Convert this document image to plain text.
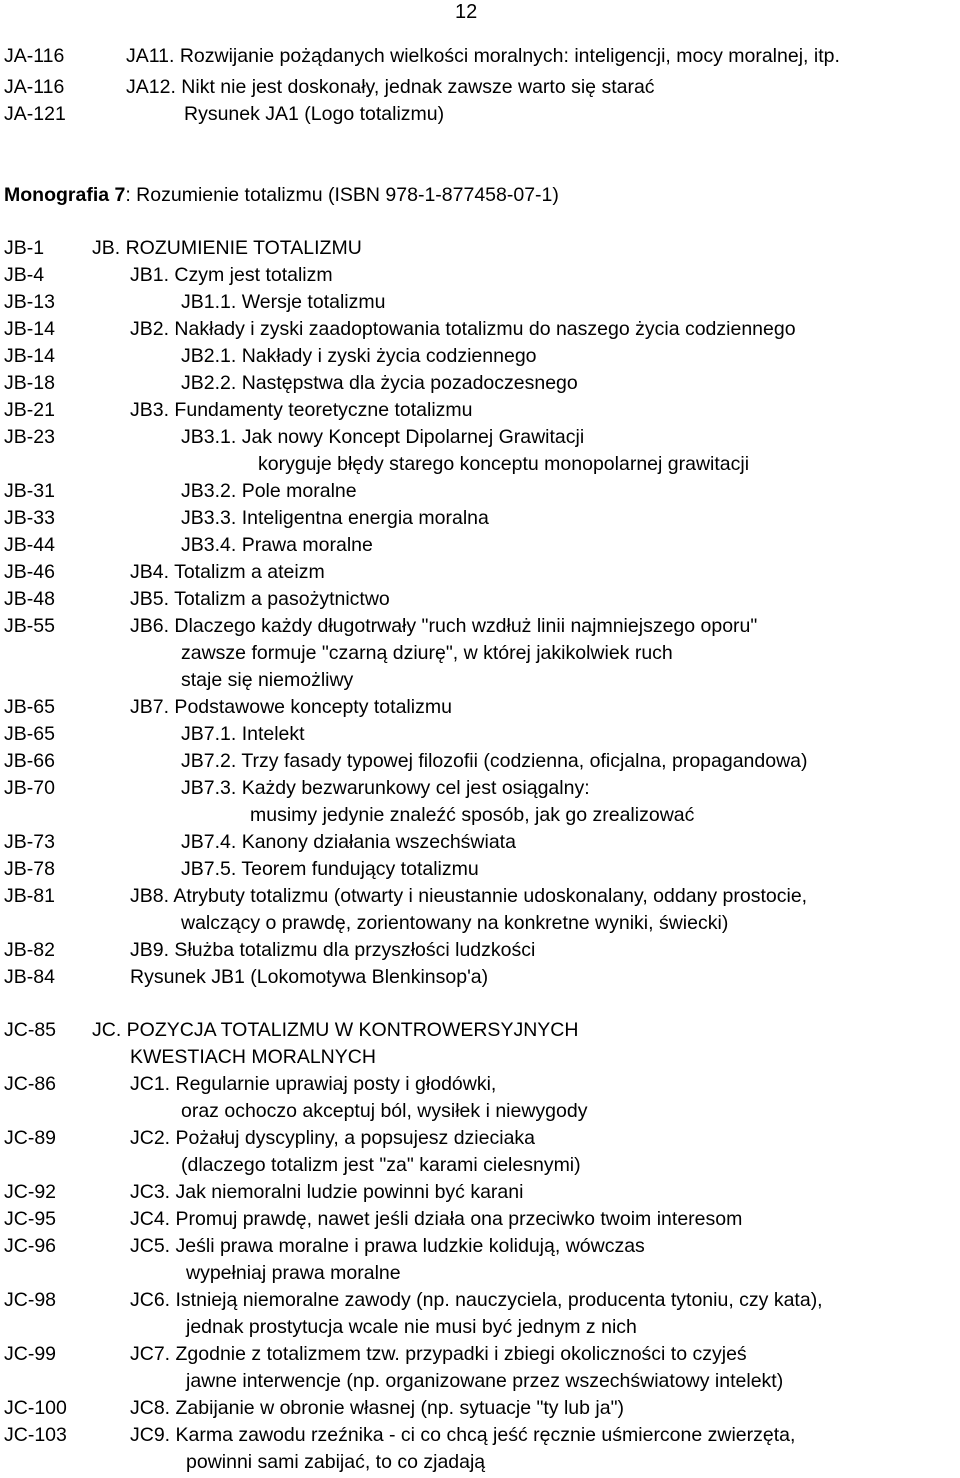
12
JA-116
JA-116
JA-121
JA11. Rozwijanie pożądanych wielkości moralnych: inteligencji, mocy moralnej, itp.
JA12. Nikt nie jest doskonały, jednak zawsze warto się starać
Rysunek JA1 (Logo totalizmu)
Monografia 7: Rozumienie totalizmu (ISBN 978-1-877458-07-1)
JB-1
JB-4
JB-13
JB-14
JB-14
JB-18
JB-21
JB-23
JB-31
JB-33
JB-44
JB-46
JB-48
JB-55
JB-65
JB-65
JB-66
JB-70
JB-73
JB-78
JB-81
JB-82
JB-84
JB. ROZUMIENIE TOTALIZMU
JB1. Czym jest totalizm
JB1.1. Wersje totalizmu
JB2. Nakłady i zyski zaadoptowania totalizmu do naszego życia codziennego
JB2.1. Nakłady i zyski życia codziennego
JB2.2. Następstwa dla życia pozadoczesnego
JB3. Fundamenty teoretyczne totalizmu
JB3.1. Jak nowy Koncept Dipolarnej Grawitacji
koryguje błędy starego konceptu monopolarnej grawitacji
JB3.2. Pole moralne
JB3.3. Inteligentna energia moralna
JB3.4. Prawa moralne
JB4. Totalizm a ateizm
JB5. Totalizm a pasożytnictwo
JB6. Dlaczego każdy długotrwały "ruch wzdłuż linii najmniejszego oporu"
zawsze formuje "czarną dziurę", w której jakikolwiek ruch
staje się niemożliwy
JB7. Podstawowe koncepty totalizmu
JB7.1. Intelekt
JB7.2. Trzy fasady typowej filozofii (codzienna, oficjalna, propagandowa)
JB7.3. Każdy bezwarunkowy cel jest osiągalny:
musimy jedynie znaleźć sposób, jak go zrealizować
JB7.4. Kanony działania wszechświata
JB7.5. Teorem fundujący totalizmu
JB8. Atrybuty totalizmu (otwarty i nieustannie udoskonalany, oddany prostocie,
walczący o prawdę, zorientowany na konkretne wyniki, świecki)
JB9. Służba totalizmu dla przyszłości ludzkości
Rysunek JB1 (Lokomotywa Blenkinsop'a)
JC-85
JC-86
JC-89
JC-92
JC-95
JC-96
JC-98
JC-99
JC-100
JC-103
JC. POZYCJA TOTALIZMU W KONTROWERSYJNYCH
KWESTIACH MORALNYCH
JC1. Regularnie uprawiaj posty i głodówki,
oraz ochoczo akceptuj ból, wysiłek i niewygody
JC2. Pożałuj dyscypliny, a popsujesz dzieciaka
(dlaczego totalizm jest "za" karami cielesnymi)
JC3. Jak niemoralni ludzie powinni być karani
JC4. Promuj prawdę, nawet jeśli działa ona przeciwko twoim interesom
JC5. Jeśli prawa moralne i prawa ludzkie kolidują, wówczas
wypełniaj prawa moralne
JC6. Istnieją niemoralne zawody (np. nauczyciela, producenta tytoniu, czy kata),
jednak prostytucja wcale nie musi być jednym z nich
JC7. Zgodnie z totalizmem tzw. przypadki i zbiegi okoliczności to czyjeś
jawne interwencje (np. organizowane przez wszechświatowy intelekt)
JC8. Zabijanie w obronie własnej (np. sytuacje "ty lub ja")
JC9. Karma zawodu rzeźnika - ci co chcą jeść ręcznie uśmiercone zwierzęta,
powinni sami zabijać, to co zjadają
